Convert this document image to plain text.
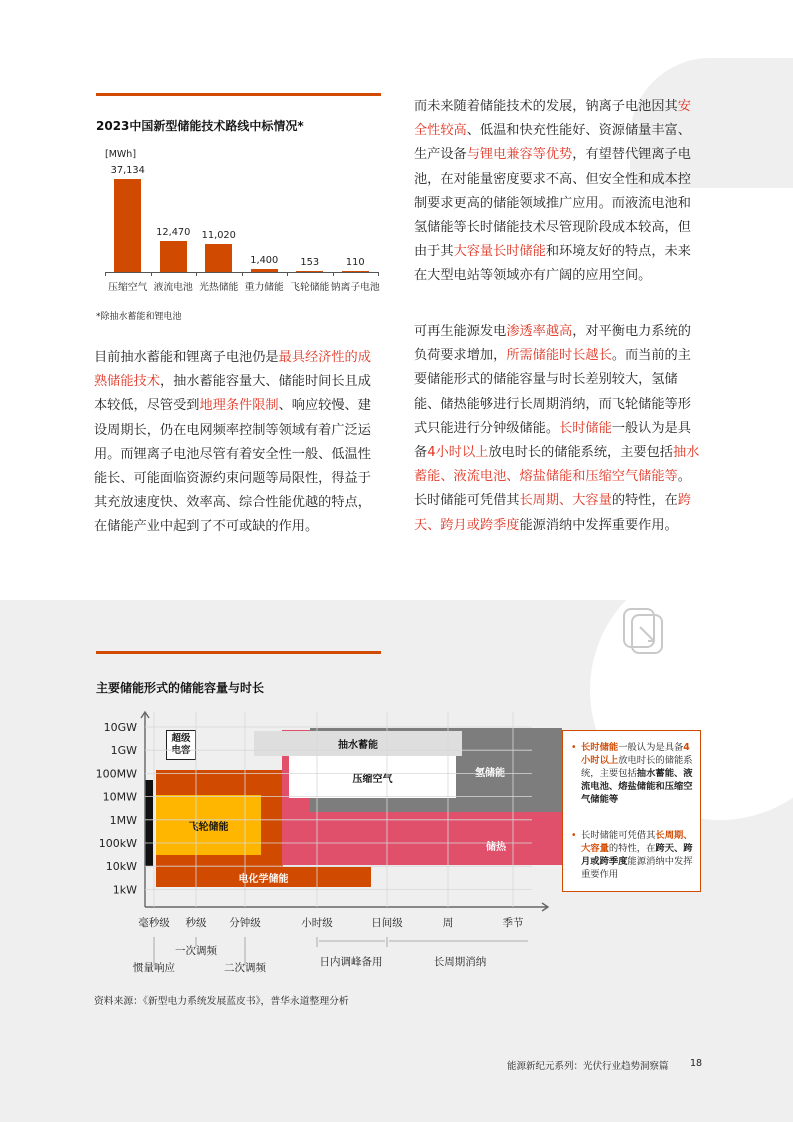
2023中国新型储能技术路线中标情况*
[MWh]
37,134
压缩空气
12,470
液流电池
11,020
光热储能
1,400
重力储能
153
飞轮储能
110
钠离子电池
*除抽水蓄能和锂电池
目前抽水蓄能和锂离子电池仍是最具经济性的成熟储能技术，抽水蓄能容量大、储能时间长且成本较低，尽管受到地理条件限制、响应较慢、建设周期长，仍在电网频率控制等领域有着广泛运用。而锂离子电池尽管有着安全性一般、低温性能长、可能面临资源约束问题等局限性，得益于其充放速度快、效率高、综合性能优越的特点，在储能产业中起到了不可或缺的作用。
而未来随着储能技术的发展，钠离子电池因其安全性较高、低温和快充性能好、资源储量丰富、生产设备与锂电兼容等优势，有望替代锂离子电池，在对能量密度要求不高、但安全性和成本控制要求更高的储能领域推广应用。而液流电池和氢储能等长时储能技术尽管现阶段成本较高，但由于其大容量长时储能和环境友好的特点，未来在大型电站等领域亦有广阔的应用空间。
可再生能源发电渗透率越高，对平衡电力系统的负荷要求增加，所需储能时长越长。而当前的主要储能形式的储能容量与时长差别较大，氢储能、储热能够进行长周期消纳，而飞轮储能等形式只能进行分钟级储能。长时储能一般认为是具备4小时以上放电时长的储能系统，主要包括抽水蓄能、液流电池、熔盐储能和压缩空气储能等。长时储能可凭借其长周期、大容量的特性，在跨天、跨月或跨季度能源消纳中发挥重要作用。
主要储能形式的储能容量与时长
电化学储能
飞轮储能
储热
氢储能
压缩空气
抽水蓄能
超级
电容
10GW
1GW
100MW
10MW
1MW
100kW
10kW
1kW
毫秒级 秒级 分钟级	小时级	日间级	周	季节
惯量响应
一次调频
二次调频	日内调峰备用	长周期消纳
• 长时储能一般认为是具备4小时以上放电时长的储能系统，主要包括抽水蓄能、液流电池、熔盐储能和压缩空气储能等
• 长时储能可凭借其长周期、大容量的特性，在跨天、跨月或跨季度能源消纳中发挥重要作用
资料来源：《新型电力系统发展蓝皮书》，普华永道整理分析
能源新纪元系列：光伏行业趋势洞察篇 18
